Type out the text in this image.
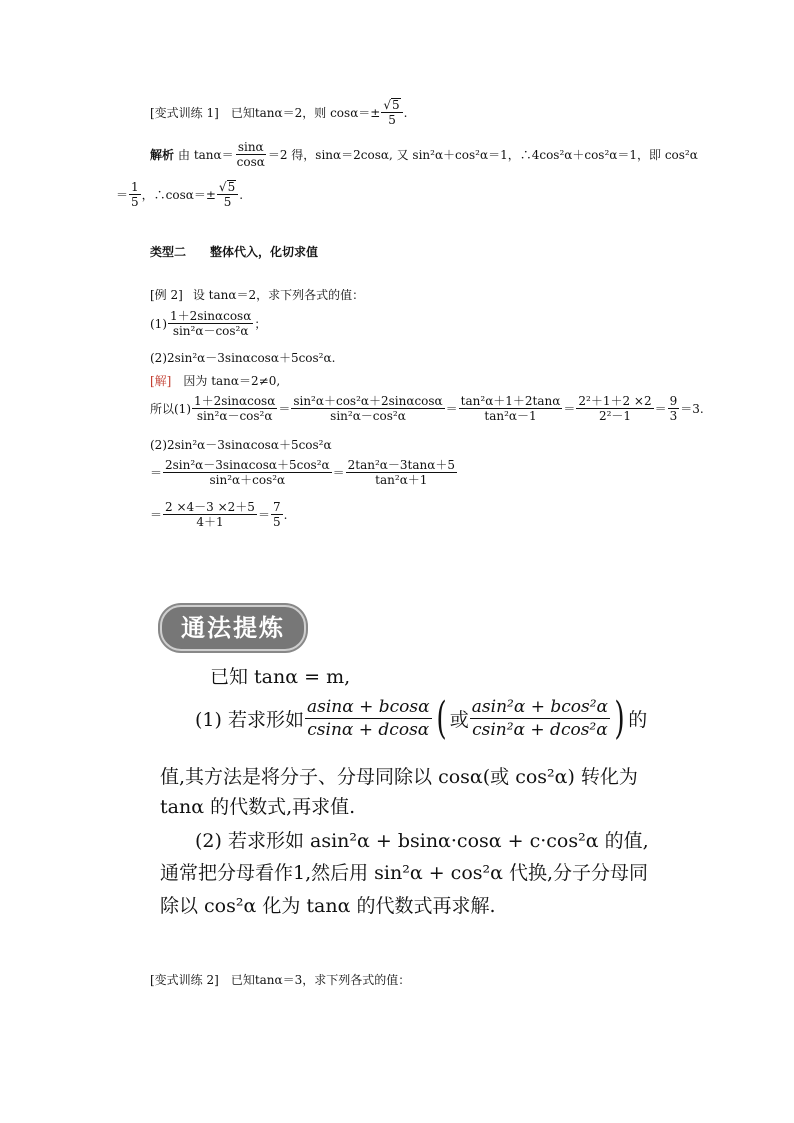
[变式训练 1] 已知tanα＝2，则 $\cos\alpha=\pm \frac{√ 5}{5}$ .
解析 由 $\tan\alpha= \frac{\sin\alpha}{\cos\alpha} =2$ 得，sinα＝2cosα, 又 sin²α＋cos²α＝1，∴4cos²α＋cos²α＝1，即 cos²α
＝ $\frac{1}{5}$ ，∴cosα＝± $\frac{√ 5}{5}$ .
类型二　　整体代入，化切求值
[例 2] 设 tanα＝2，求下列各式的值：
$(1) \frac{1+2\sin\alpha\cos\alpha}{\text{sin²α－cos²α}}$ ；
(2)2sin²α－3sinαcosα＋5cos²α.
[解] 因为 tanα＝2≠0,
所以$(1) \frac{1+2\sin\alpha\cos\alpha}{\text{sin²α－cos²α}} = \frac{\text{sin²α＋cos²α＋2sinαcosα}}{\text{sin²α－cos²α}} = \frac{\text{tan²α＋1＋2tanα}}{\text{tan²α－1}} = \frac{\text{2²＋1＋2 ×2}}{\text{2²－1}} = \frac{9}{3} =3$.
(2)2sin²α－3sinαcosα＋5cos²α
＝ $\frac{\text{2sin²α－3sinαcosα＋5cos²α}}{\text{sin²α＋cos²α}} = \frac{\text{2tan²α－3tanα＋5}}{\text{tan²α＋1}}$
＝ $\frac{2 \times 4-3 \times 2+5}{4+1} = \frac{7}{5}$ .
通法提炼
已知 tanα = m,
(1) 若求形如 $\frac{asin\alpha + bcos\alpha}{csin\alpha + dcos\alpha}$ ( 或 $\frac{\text{asin²α + bcos²α}}{\text{csin²α + dcos²α}}$ ) 的
值,其方法是将分子、分母同除以 cosα(或 cos²α) 转化为
tanα 的代数式,再求值.
(2) 若求形如 asin²α + bsinα·cosα + c·cos²α 的值,
通常把分母看作1,然后用 sin²α + cos²α 代换,分子分母同
除以 cos²α 化为 tanα 的代数式再求解.
[变式训练 2] 已知tanα＝3，求下列各式的值：
